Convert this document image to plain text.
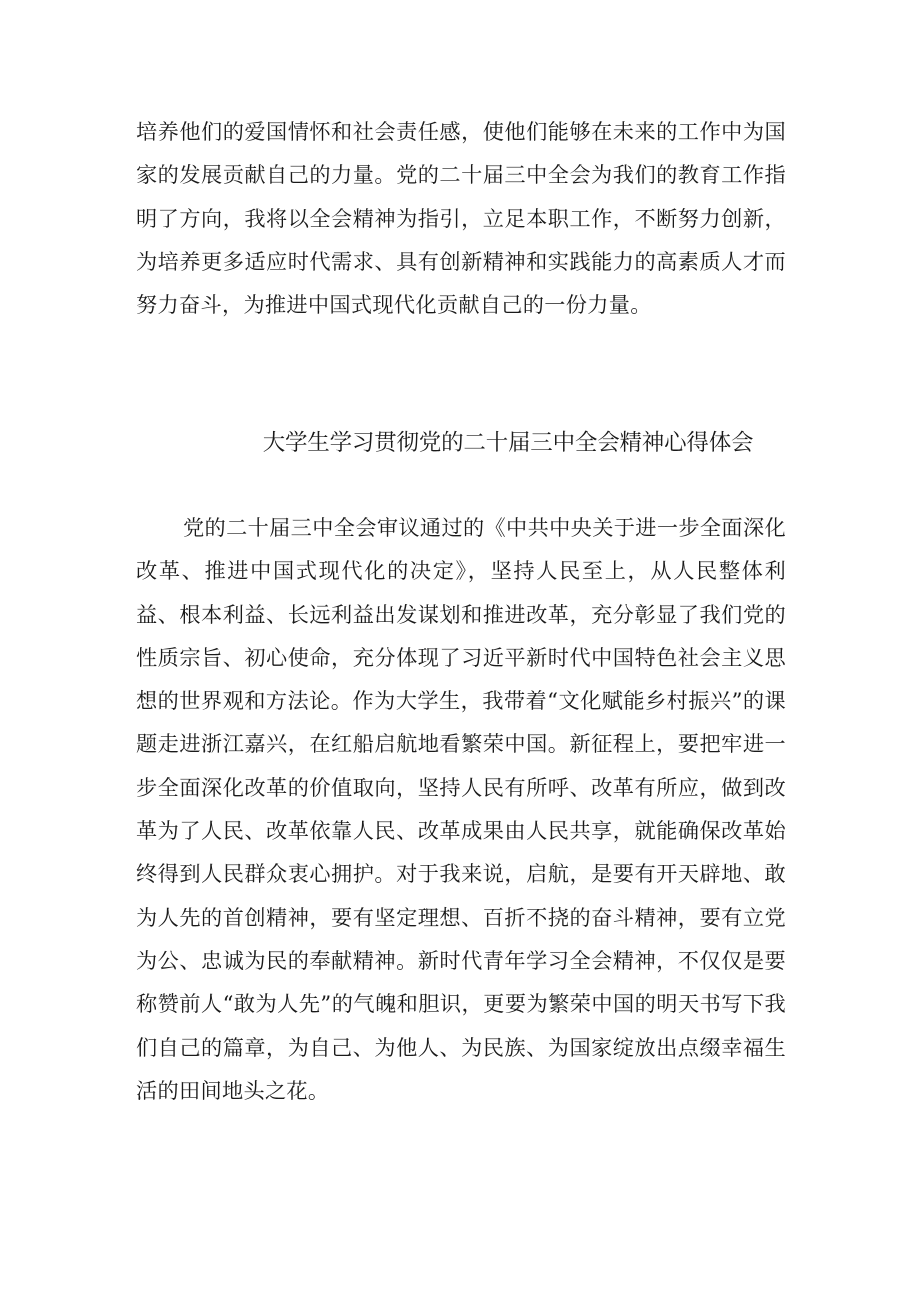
培养他们的爱国情怀和社会责任感，使他们能够在未来的工作中为国家的发展贡献自己的力量。党的二十届三中全会为我们的教育工作指明了方向，我将以全会精神为指引，立足本职工作，不断努力创新，为培养更多适应时代需求、具有创新精神和实践能力的高素质人才而努力奋斗，为推进中国式现代化贡献自己的一份力量。

大学生学习贯彻党的二十届三中全会精神心得体会

党的二十届三中全会审议通过的《中共中央关于进一步全面深化改革、推进中国式现代化的决定》，坚持人民至上，从人民整体利益、根本利益、长远利益出发谋划和推进改革，充分彰显了我们党的性质宗旨、初心使命，充分体现了习近平新时代中国特色社会主义思想的世界观和方法论。作为大学生，我带着“文化赋能乡村振兴”的课题走进浙江嘉兴，在红船启航地看繁荣中国。新征程上，要把牢进一步全面深化改革的价值取向，坚持人民有所呼、改革有所应，做到改革为了人民、改革依靠人民、改革成果由人民共享，就能确保改革始终得到人民群众衷心拥护。对于我来说，启航，是要有开天辟地、敢为人先的首创精神，要有坚定理想、百折不挠的奋斗精神，要有立党为公、忠诚为民的奉献精神。新时代青年学习全会精神，不仅仅是要称赞前人“敢为人先”的气魄和胆识，更要为繁荣中国的明天书写下我们自己的篇章，为自己、为他人、为民族、为国家绽放出点缀幸福生活的田间地头之花。
